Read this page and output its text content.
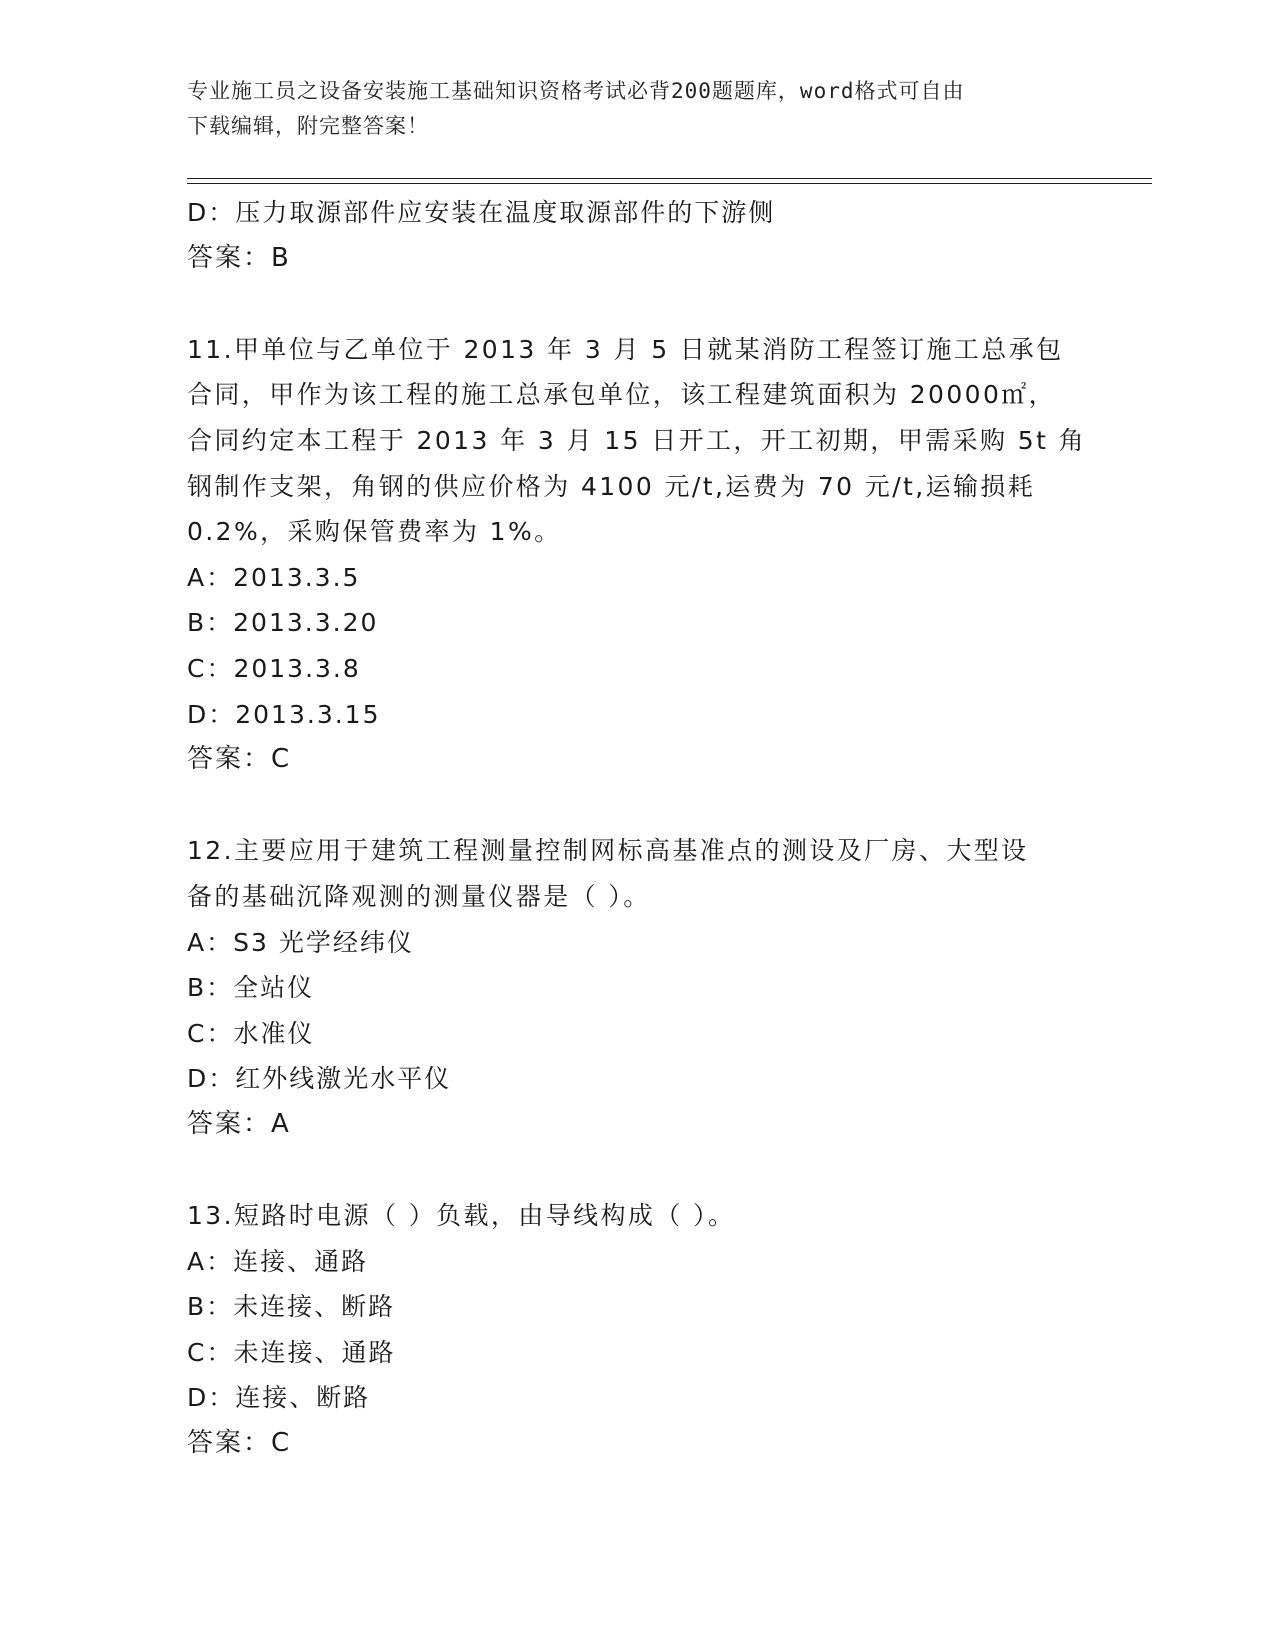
专业施工员之设备安装施工基础知识资格考试必背200题题库，word格式可自由
下载编辑，附完整答案！
D：压力取源部件应安装在温度取源部件的下游侧
答案：B
11.甲单位与乙单位于 2013 年 3 月 5 日就某消防工程签订施工总承包
合同，甲作为该工程的施工总承包单位，该工程建筑面积为 20000㎡，
合同约定本工程于 2013 年 3 月 15 日开工，开工初期，甲需采购 5t 角
钢制作支架，角钢的供应价格为 4100 元/t,运费为 70 元/t,运输损耗
0.2%，采购保管费率为 1%。
A：2013.3.5
B：2013.3.20
C：2013.3.8
D：2013.3.15
答案：C
12.主要应用于建筑工程测量控制网标高基准点的测设及厂房、大型设
备的基础沉降观测的测量仪器是（ ）。
A：S3 光学经纬仪
B：全站仪
C：水准仪
D：红外线激光水平仪
答案：A
13.短路时电源（ ）负载，由导线构成（ ）。
A：连接、通路
B：未连接、断路
C：未连接、通路
D：连接、断路
答案：C
